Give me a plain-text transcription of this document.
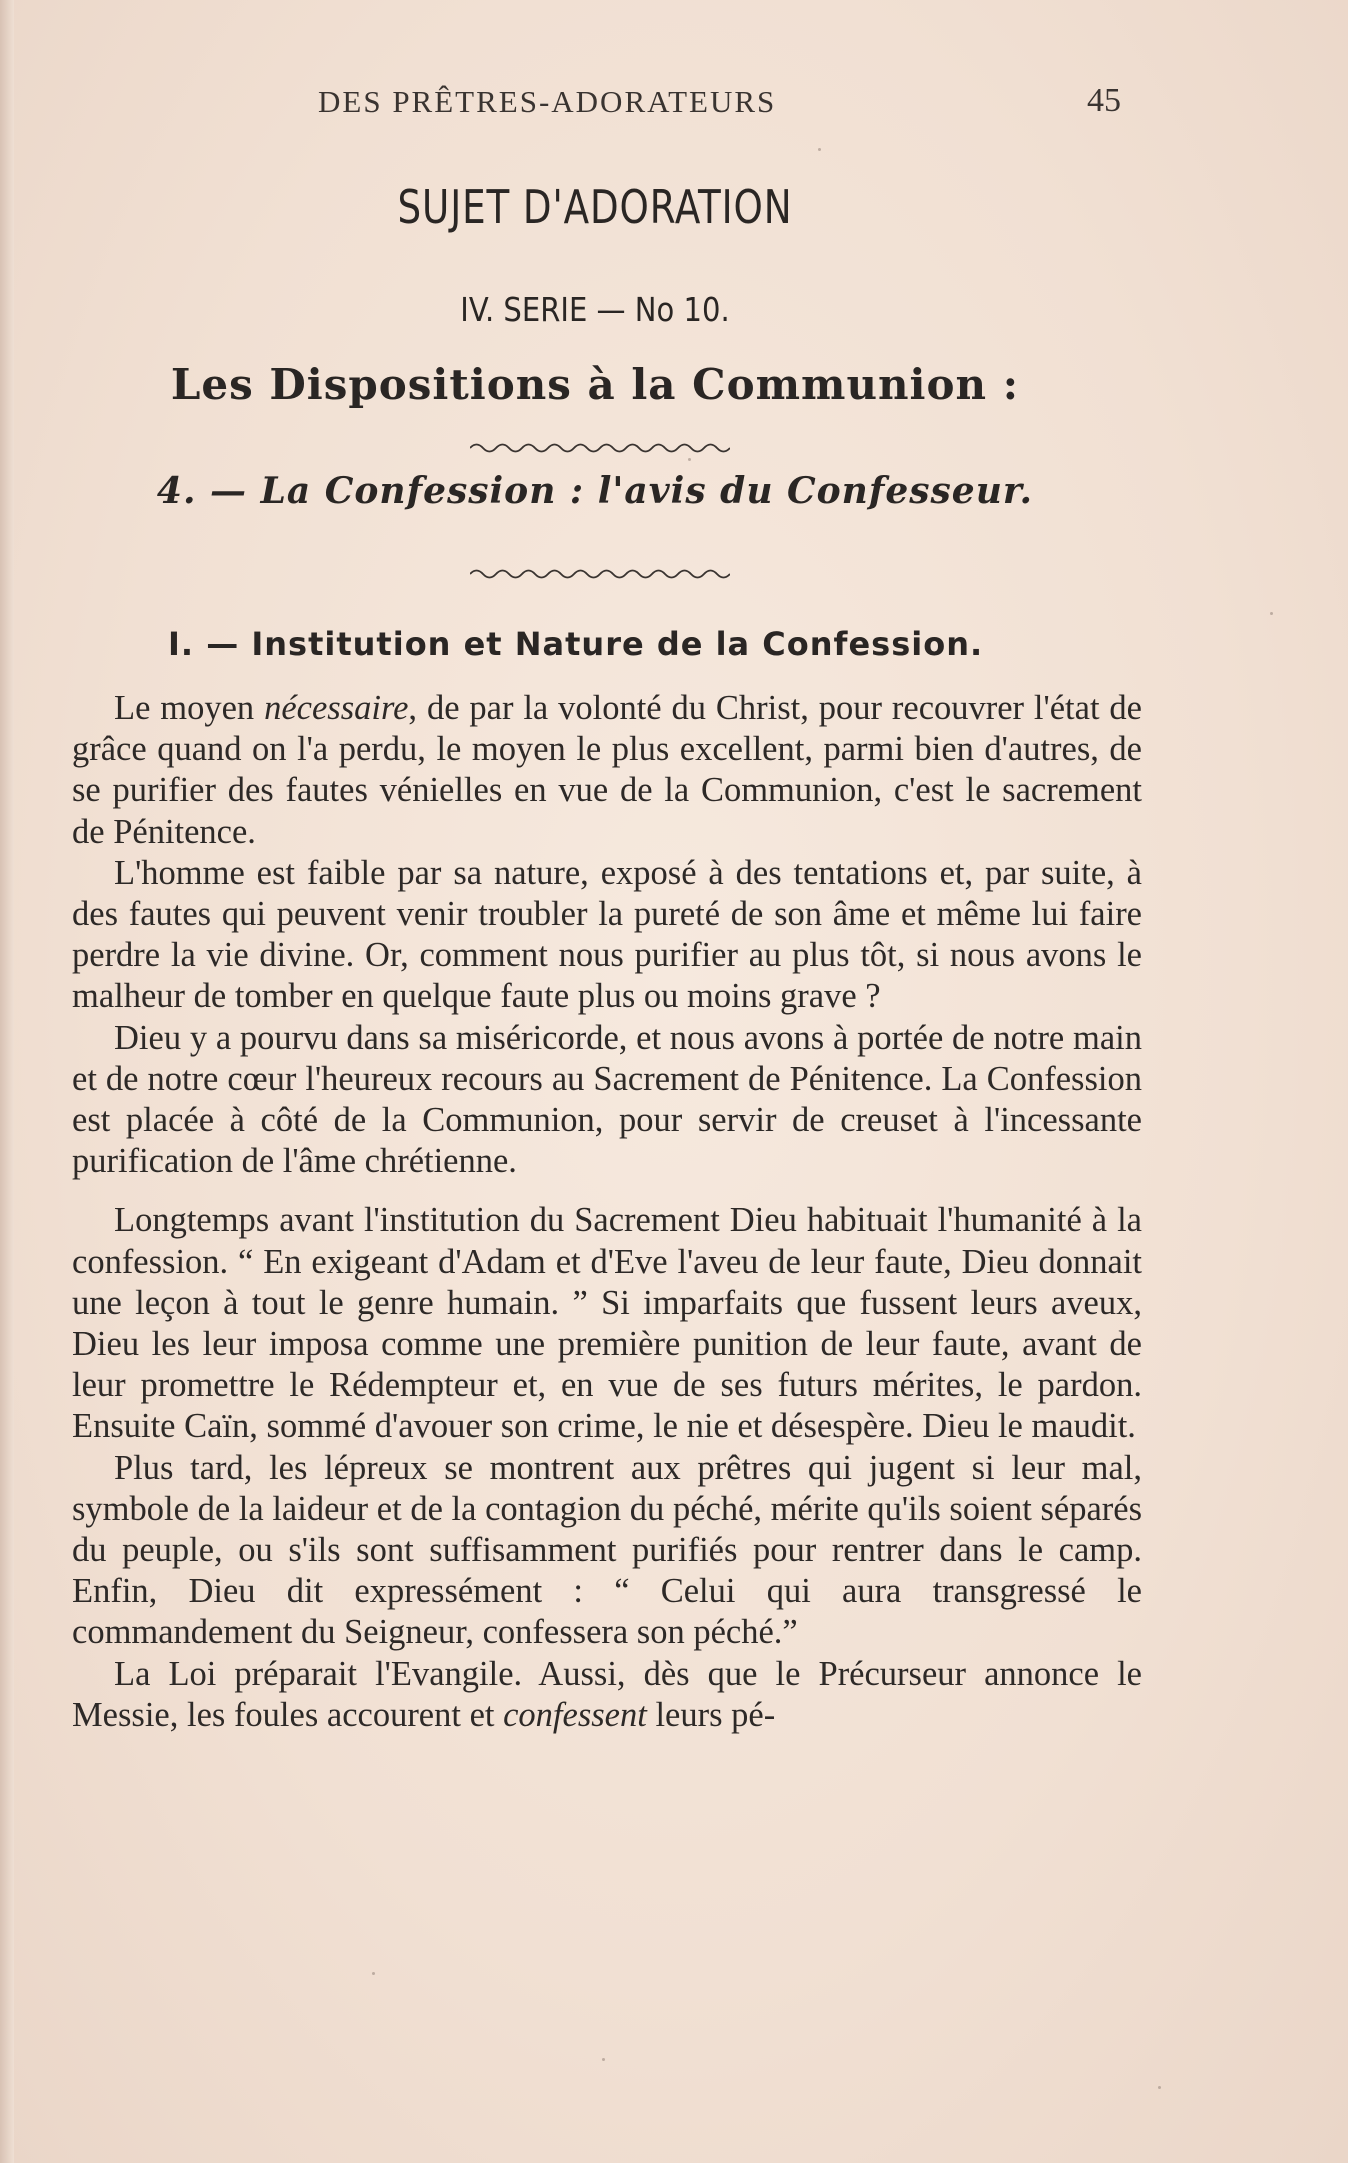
DES PRÊTRES-ADORATEURS	45
SUJET D'ADORATION
IV. SERIE — No 10.
Les Dispositions à la Communion :
4. — La Confession : l'avis du Confesseur.
I. — Institution et Nature de la Confession.

Le moyen nécessaire, de par la volonté du Christ, pour recouvrer l'état de grâce quand on l'a perdu, le moyen le plus excellent, parmi bien d'autres, de se purifier des fautes vénielles en vue de la Communion, c'est le sacrement de Pénitence.

L'homme est faible par sa nature, exposé à des tentations et, par suite, à des fautes qui peuvent venir troubler la pureté de son âme et même lui faire perdre la vie divine. Or, comment nous purifier au plus tôt, si nous avons le malheur de tomber en quelque faute plus ou moins grave ?

Dieu y a pourvu dans sa miséricorde, et nous avons à portée de notre main et de notre cœur l'heureux recours au Sacrement de Pénitence. La Confession est placée à côté de la Communion, pour servir de creuset à l'incessante purification de l'âme chrétienne.

Longtemps avant l'institution du Sacrement Dieu habituait l'humanité à la confession. “ En exigeant d'Adam et d'Eve l'aveu de leur faute, Dieu donnait une leçon à tout le genre humain. ” Si imparfaits que fussent leurs aveux, Dieu les leur imposa comme une première punition de leur faute, avant de leur promettre le Rédempteur et, en vue de ses futurs mérites, le pardon. Ensuite Caïn, sommé d'avouer son crime, le nie et désespère. Dieu le maudit.

Plus tard, les lépreux se montrent aux prêtres qui jugent si leur mal, symbole de la laideur et de la contagion du péché, mérite qu'ils soient séparés du peuple, ou s'ils sont suffisamment purifiés pour rentrer dans le camp. Enfin, Dieu dit expressément : “ Celui qui aura transgressé le commandement du Seigneur, confessera son péché.”

La Loi préparait l'Evangile. Aussi, dès que le Précurseur annonce le Messie, les foules accourent et confessent leurs pé-
